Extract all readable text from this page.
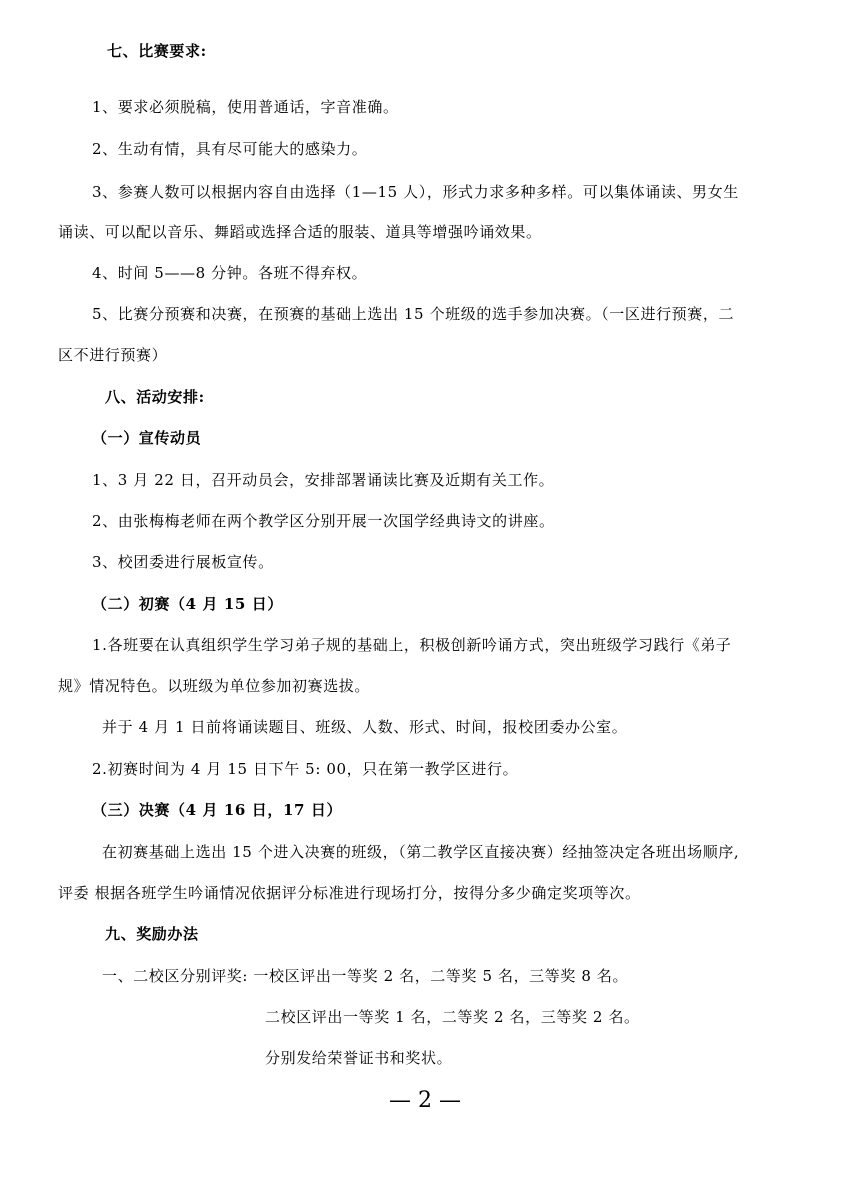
七、比赛要求:
1、要求必须脱稿，使用普通话，字音准确。
2、生动有情，具有尽可能大的感染力。
3、参赛人数可以根据内容自由选择（1—15 人），形式力求多种多样。可以集体诵读、男女生
诵读、可以配以音乐、舞蹈或选择合适的服装、道具等增强吟诵效果。
4、时间 5——8 分钟。各班不得弃权。
5、比赛分预赛和决赛，在预赛的基础上选出 15 个班级的选手参加决赛。（一区进行预赛，二
区不进行预赛）
八、活动安排:
（一）宣传动员
1、3 月 22 日，召开动员会，安排部署诵读比赛及近期有关工作。
2、由张梅梅老师在两个教学区分别开展一次国学经典诗文的讲座。
3、校团委进行展板宣传。
（二）初赛（4 月 15 日）
1.各班要在认真组织学生学习弟子规的基础上，积极创新吟诵方式，突出班级学习践行《弟子
规》情况特色。以班级为单位参加初赛选拔。
并于 4 月 1 日前将诵读题目、班级、人数、形式、时间，报校团委办公室。
2.初赛时间为 4 月 15 日下午 5: 00，只在第一教学区进行。
（三）决赛（4 月 16 日，17 日）
在初赛基础上选出 15 个进入决赛的班级，（第二教学区直接决赛）经抽签决定各班出场顺序,
评委 根据各班学生吟诵情况依据评分标准进行现场打分，按得分多少确定奖项等次。
九、奖励办法
一、二校区分别评奖: 一校区评出一等奖 2 名，二等奖 5 名，三等奖 8 名。
二校区评出一等奖 1 名，二等奖 2 名，三等奖 2 名。
分别发给荣誉证书和奖状。
— 2 —
